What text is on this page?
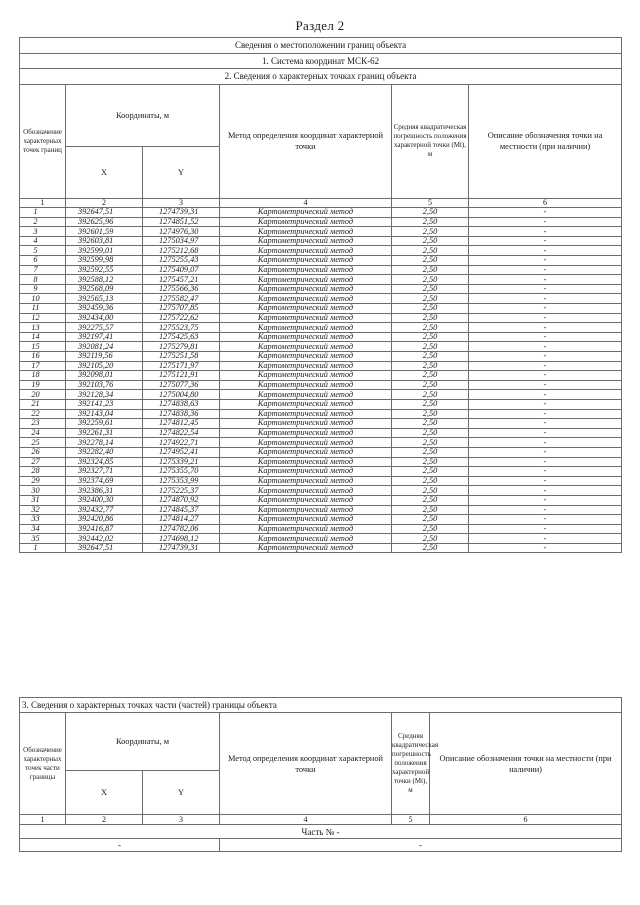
Раздел 2
Сведения о местоположении границ объекта					
1. Система координат МСК-62					
2. Сведения о характерных точках границ объекта					
Обозначение характерных точек границ	Координаты, м		Метод определения координат характерной точки	Средняя квадратическая погрешность положения характерной точки (Mt), м	Описание обозначения точки на местности (при наличии)
	X	Y			
1	2	3	4	5	6
1	392647,51	1274739,31	Картометрический метод	2,50	-
2	392625,96	1274851,52	Картометрический метод	2,50	-
3	392601,59	1274976,30	Картометрический метод	2,50	-
4	392603,81	1275034,97	Картометрический метод	2,50	-
5	392599,01	1275212,68	Картометрический метод	2,50	-
6	392599,98	1275255,43	Картометрический метод	2,50	-
7	392592,55	1275409,07	Картометрический метод	2,50	-
8	392588,12	1275457,21	Картометрический метод	2,50	-
9	392568,09	1275566,36	Картометрический метод	2,50	-
10	392565,13	1275582,47	Картометрический метод	2,50	-
11	392459,36	1275707,85	Картометрический метод	2,50	-
12	392434,00	1275722,62	Картометрический метод	2,50	-
13	392275,57	1275523,75	Картометрический метод	2,50	-
14	392197,41	1275425,63	Картометрический метод	2,50	-
15	392081,24	1275279,81	Картометрический метод	2,50	-
16	392119,56	1275251,58	Картометрический метод	2,50	-
17	392105,20	1275171,97	Картометрический метод	2,50	-
18	392098,01	1275121,91	Картометрический метод	2,50	-
19	392103,76	1275077,36	Картометрический метод	2,50	-
20	392128,34	1275004,80	Картометрический метод	2,50	-
21	392141,23	1274838,63	Картометрический метод	2,50	-
22	392143,04	1274838,36	Картометрический метод	2,50	-
23	392259,61	1274812,45	Картометрический метод	2,50	-
24	392261,31	1274822,54	Картометрический метод	2,50	-
25	392278,14	1274922,71	Картометрический метод	2,50	-
26	392282,40	1274952,41	Картометрический метод	2,50	-
27	392324,85	1275339,21	Картометрический метод	2,50	-
28	392327,71	1275355,70	Картометрический метод	2,50	-
29	392374,69	1275353,99	Картометрический метод	2,50	-
30	392386,31	1275225,37	Картометрический метод	2,50	-
31	392400,30	1274870,92	Картометрический метод	2,50	-
32	392432,77	1274845,37	Картометрический метод	2,50	-
33	392420,86	1274814,27	Картометрический метод	2,50	-
34	392416,87	1274782,06	Картометрический метод	2,50	-
35	392442,02	1274698,12	Картометрический метод	2,50	-
1	392647,51	1274739,31	Картометрический метод	2,50	-
3. Сведения о характерных точках части (частей) границы объекта					
Обозначение характерных точек части границы	Координаты, м		Метод определения координат характерной точки	Средняя квадратическая погрешность положения характерной точки (Mt), м	Описание обозначения точки на местности (при наличии)
	X	Y			
1	2	3	4	5	6
Часть № -					
-			-		
